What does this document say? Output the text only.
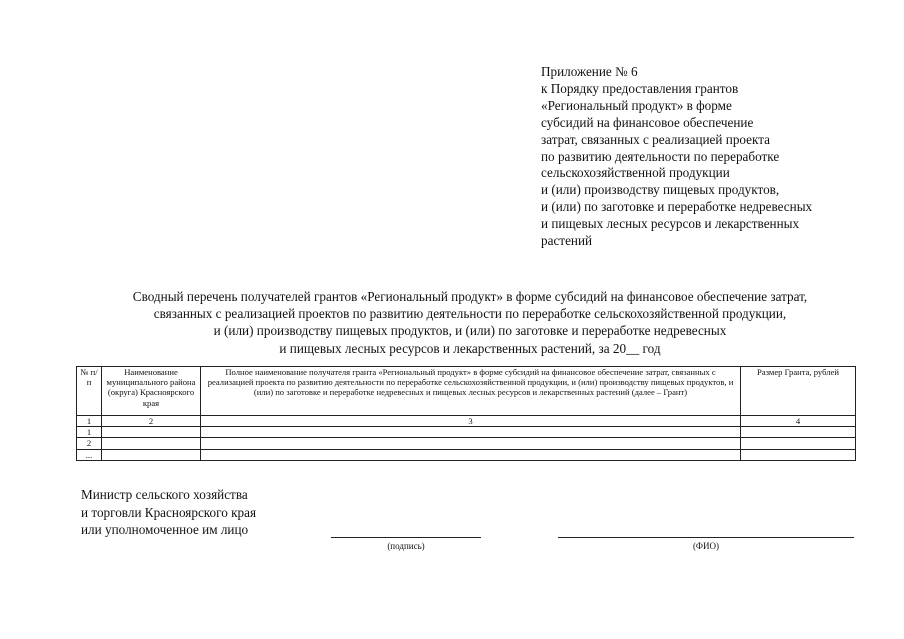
Приложение № 6
к Порядку предоставления грантов
«Региональный продукт» в форме
субсидий на финансовое обеспечение
затрат, связанных с реализацией проекта
по развитию деятельности по переработке
сельскохозяйственной продукции
и (или) производству пищевых продуктов,
и (или) по заготовке и переработке недревесных
и пищевых лесных ресурсов и лекарственных
растений
Сводный перечень получателей грантов «Региональный продукт» в форме субсидий на финансовое обеспечение затрат,
связанных с реализацией проектов по развитию деятельности по переработке сельскохозяйственной продукции,
и (или) производству пищевых продуктов, и (или) по заготовке и переработке недревесных
и пищевых лесных ресурсов и лекарственных растений, за 20__ год
№ п/п	Наименование муниципального района (округа) Красноярского края	Полное наименование получателя гранта «Региональный продукт» в форме субсидий на финансовое обеспечение затрат, связанных с реализацией проекта по развитию деятельности по переработке сельскохозяйственной продукции, и (или) производству пищевых продуктов, и (или) по заготовке и переработке недревесных и пищевых лесных ресурсов и лекарственных растений (далее – Грант)	Размер Гранта, рублей
1	2	3	4
1			
2			
...			
Министр сельского хозяйства
и торговли Красноярского края
или уполномоченное им лицо
(подпись)	(ФИО)
